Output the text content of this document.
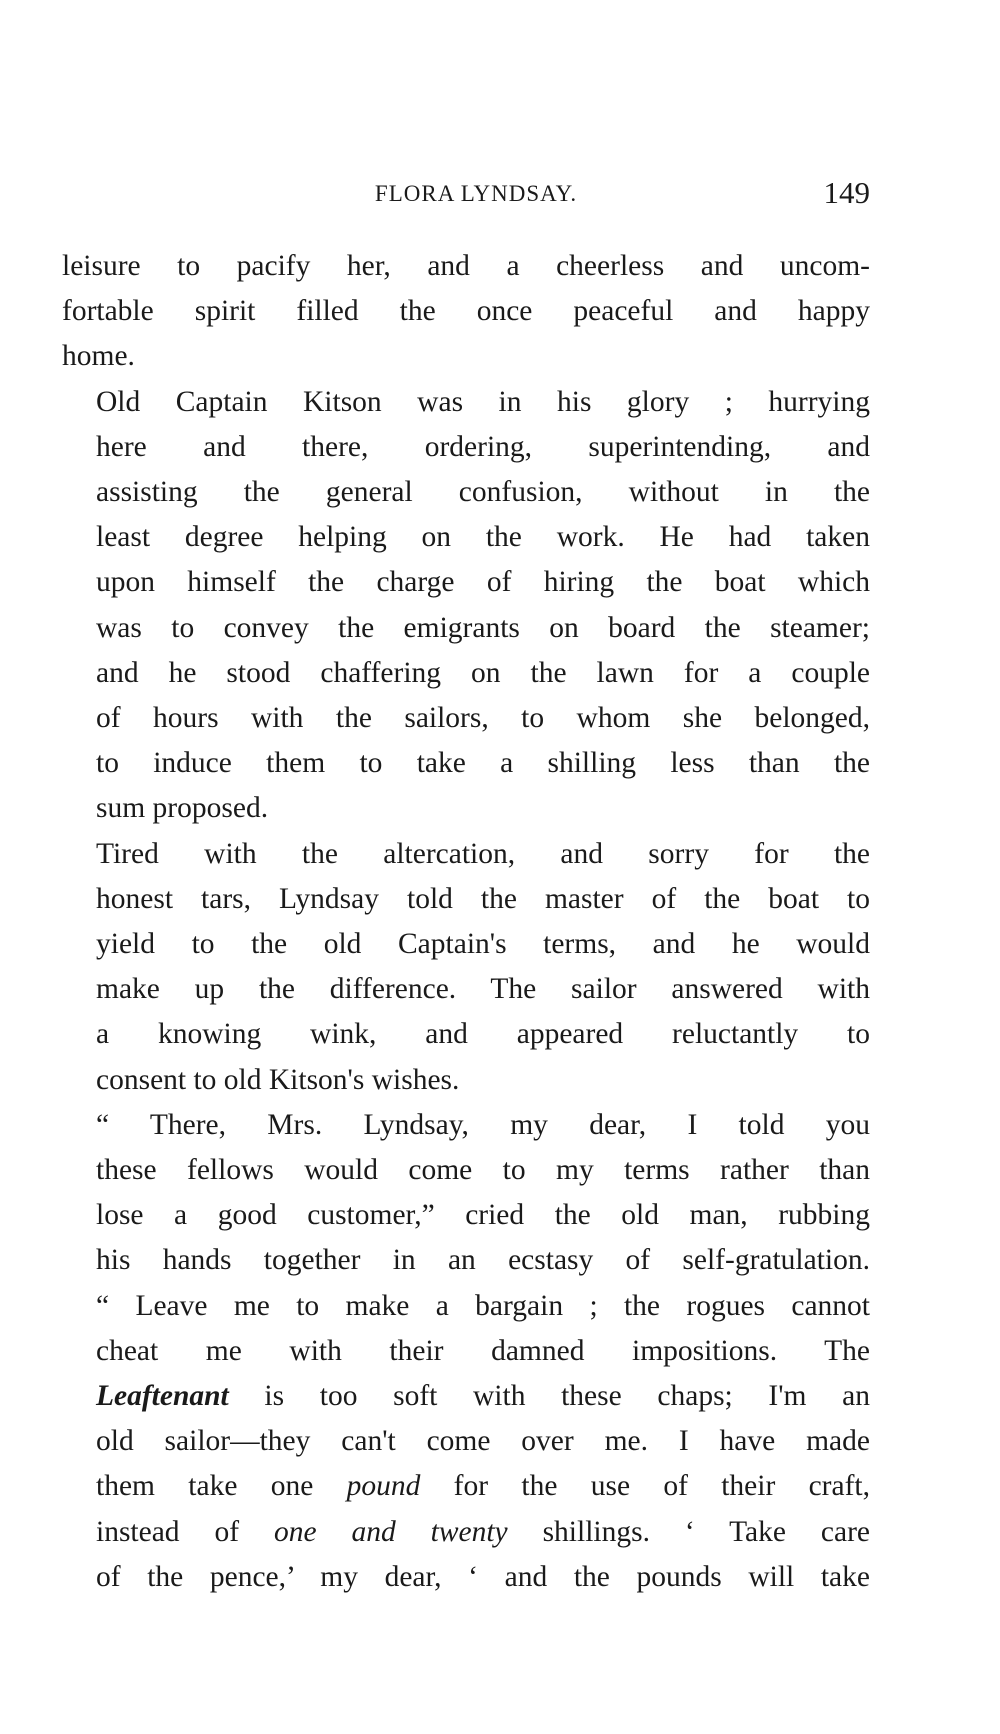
FLORA LYNDSAY.	149

leisure to pacify her, and a cheerless and uncom-
fortable spirit filled the once peaceful and happy
home.

Old Captain Kitson was in his glory ; hurrying
here and there, ordering, superintending, and
assisting the general confusion, without in the
least degree helping on the work. He had taken
upon himself the charge of hiring the boat which
was to convey the emigrants on board the steamer;
and he stood chaffering on the lawn for a couple
of hours with the sailors, to whom she belonged,
to induce them to take a shilling less than the
sum proposed.

Tired with the altercation, and sorry for the
honest tars, Lyndsay told the master of the boat to
yield to the old Captain's terms, and he would
make up the difference. The sailor answered with
a knowing wink, and appeared reluctantly to
consent to old Kitson's wishes.

“ There, Mrs. Lyndsay, my dear, I told you
these fellows would come to my terms rather than
lose a good customer,” cried the old man, rubbing
his hands together in an ecstasy of self-gratulation.
“ Leave me to make a bargain ; the rogues cannot
cheat me with their damned impositions. The
Leaftenant is too soft with these chaps; I'm an
old sailor—they can't come over me. I have made
them take one pound for the use of their craft,
instead of one and twenty shillings. ‘ Take care
of the pence,’ my dear, ‘ and the pounds will take
